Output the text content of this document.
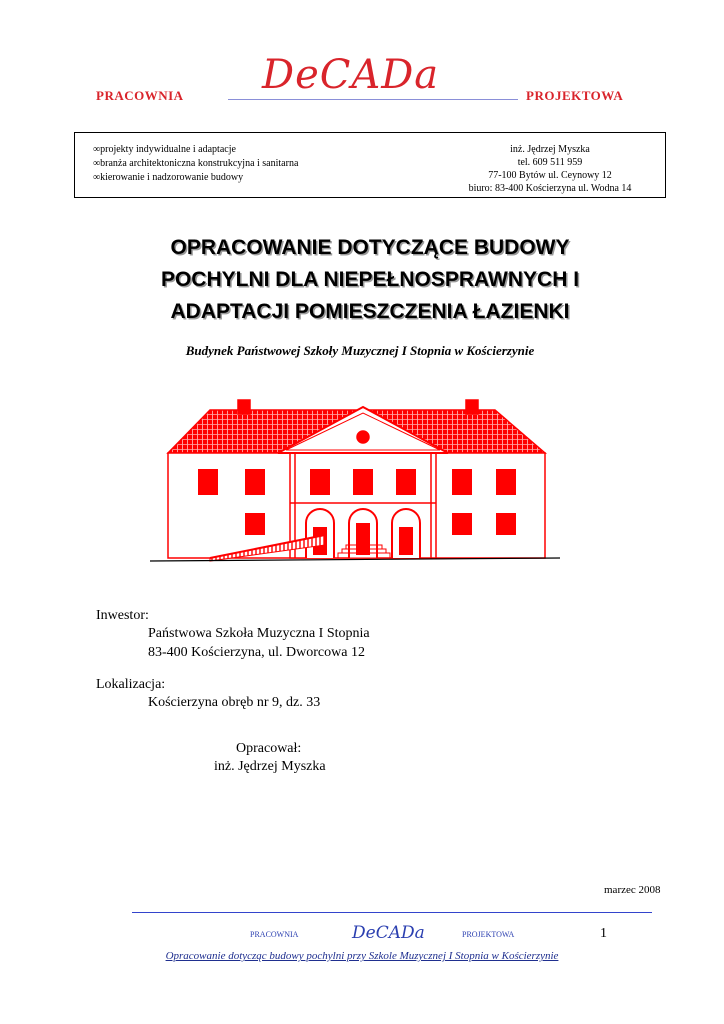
PRACOWNIA DeCADa	PROJEKTOWA
∞projekty indywidualne i adaptacje
∞branża architektoniczna konstrukcyjna i sanitarna
∞kierowanie i nadzorowanie budowy
inż. Jędrzej Myszka
tel. 609 511 959
77-100 Bytów ul. Ceynowy 12
biuro: 83-400 Kościerzyna ul. Wodna 14
OPRACOWANIE DOTYCZĄCE BUDOWY
POCHYLNI DLA NIEPEŁNOSPRAWNYCH I
ADAPTACJI POMIESZCZENIA ŁAZIENKI
Budynek Państwowej Szkoły Muzycznej I Stopnia w Kościerzynie
Inwestor:
Państwowa Szkoła Muzyczna I Stopnia
83-400 Kościerzyna, ul. Dworcowa 12
Lokalizacja:
Kościerzyna obręb nr 9, dz. 33
Opracował:
inż. Jędrzej Myszka
marzec 2008
PRACOWNIA	DeCADa	PROJEKTOWA	1
Opracowanie dotycząc budowy pochylni przy Szkole Muzycznej I Stopnia w Kościerzynie
